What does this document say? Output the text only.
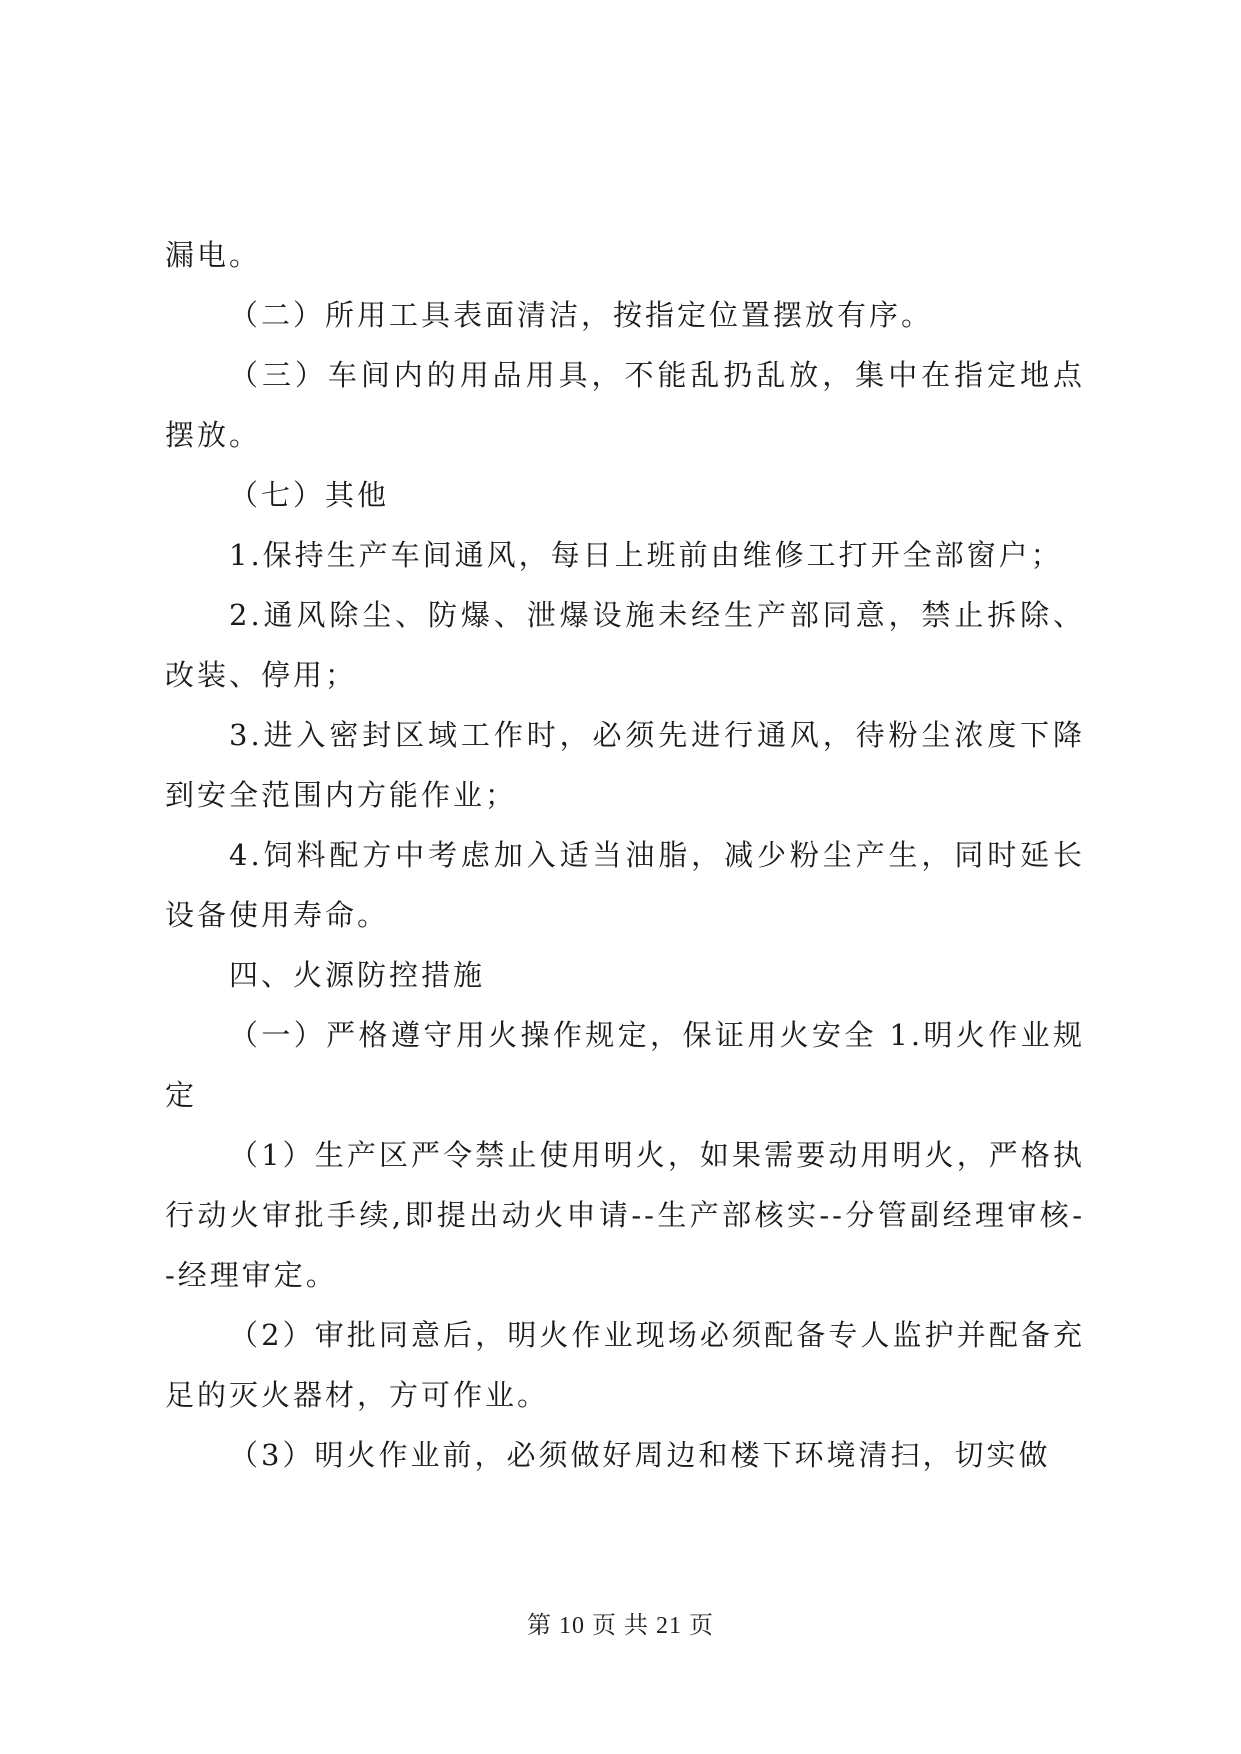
漏电。

（二）所用工具表面清洁，按指定位置摆放有序。

（三）车间内的用品用具，不能乱扔乱放，集中在指定地点摆放。

（七）其他

1.保持生产车间通风，每日上班前由维修工打开全部窗户；

2.通风除尘、防爆、泄爆设施未经生产部同意，禁止拆除、改装、停用；

3.进入密封区域工作时，必须先进行通风，待粉尘浓度下降到安全范围内方能作业；

4.饲料配方中考虑加入适当油脂，减少粉尘产生，同时延长设备使用寿命。

四、火源防控措施

（一）严格遵守用火操作规定，保证用火安全 1.明火作业规定

（1）生产区严令禁止使用明火，如果需要动用明火，严格执行动火审批手续,即提出动火申请--生产部核实--分管副经理审核--经理审定。

（2）审批同意后，明火作业现场必须配备专人监护并配备充足的灭火器材，方可作业。

（3）明火作业前，必须做好周边和楼下环境清扫，切实做

第 10 页 共 21 页
